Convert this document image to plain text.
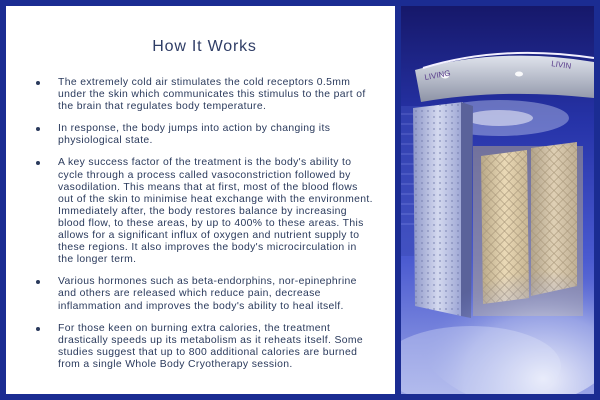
How It Works
The extremely cold air stimulates the cold receptors 0.5mm under the skin which communicates this stimulus to the part of the brain that regulates body temperature.
In response, the body jumps into action by changing its physiological state.
A key success factor of the treatment is the body's ability to cycle through a process called vasoconstriction followed by vasodilation. This means that at first, most of the blood flows out of the skin to minimise heat exchange with the environment. Immediately after, the body restores balance by increasing blood flow, to these areas, by up to 400% to these areas. This allows for a significant influx of oxygen and nutrient supply to these regions. It also improves the body's microcirculation in the longer term.
Various hormones such as beta-endorphins, nor-epinephrine and others are released which reduce pain, decrease inflammation and improves the body's ability to heal itself.
For those keen on burning extra calories, the treatment drastically speeds up its metabolism as it reheats itself. Some studies suggest that up to 800 additional calories are burned from a single Whole Body Cryotherapy session.
LIVING
LIVIN
